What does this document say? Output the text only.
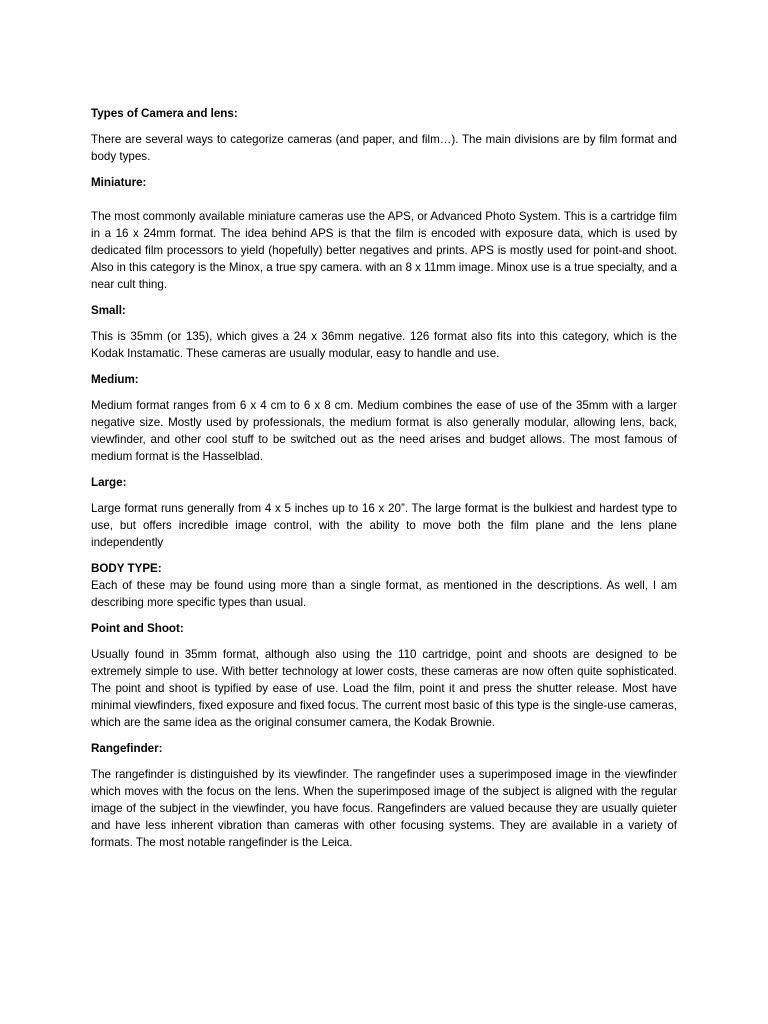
Types of Camera and lens:

There are several ways to categorize cameras (and paper, and film…). The main divisions are by film format and body types.

Miniature:

The most commonly available miniature cameras use the APS, or Advanced Photo System. This is a cartridge film in a 16 x 24mm format. The idea behind APS is that the film is encoded with exposure data, which is used by dedicated film processors to yield (hopefully) better negatives and prints. APS is mostly used for point-and shoot. Also in this category is the Minox, a true spy camera. with an 8 x 11mm image. Minox use is a true specialty, and a near cult thing.

Small:

This is 35mm (or 135), which gives a 24 x 36mm negative. 126 format also fits into this category, which is the Kodak Instamatic. These cameras are usually modular, easy to handle and use.

Medium:

Medium format ranges from 6 x 4 cm to 6 x 8 cm. Medium combines the ease of use of the 35mm with a larger negative size. Mostly used by professionals, the medium format is also generally modular, allowing lens, back, viewfinder, and other cool stuff to be switched out as the need arises and budget allows. The most famous of medium format is the Hasselblad.

Large:

Large format runs generally from 4 x 5 inches up to 16 x 20”. The large format is the bulkiest and hardest type to use, but offers incredible image control, with the ability to move both the film plane and the lens plane independently

BODY TYPE:

Each of these may be found using more than a single format, as mentioned in the descriptions. As well, I am describing more specific types than usual.

Point and Shoot:

Usually found in 35mm format, although also using the 110 cartridge, point and shoots are designed to be extremely simple to use. With better technology at lower costs, these cameras are now often quite sophisticated. The point and shoot is typified by ease of use. Load the film, point it and press the shutter release. Most have minimal viewfinders, fixed exposure and fixed focus. The current most basic of this type is the single-use cameras, which are the same idea as the original consumer camera, the Kodak Brownie.

Rangefinder:

The rangefinder is distinguished by its viewfinder. The rangefinder uses a superimposed image in the viewfinder which moves with the focus on the lens. When the superimposed image of the subject is aligned with the regular image of the subject in the viewfinder, you have focus. Rangefinders are valued because they are usually quieter and have less inherent vibration than cameras with other focusing systems. They are available in a variety of formats. The most notable rangefinder is the Leica.
